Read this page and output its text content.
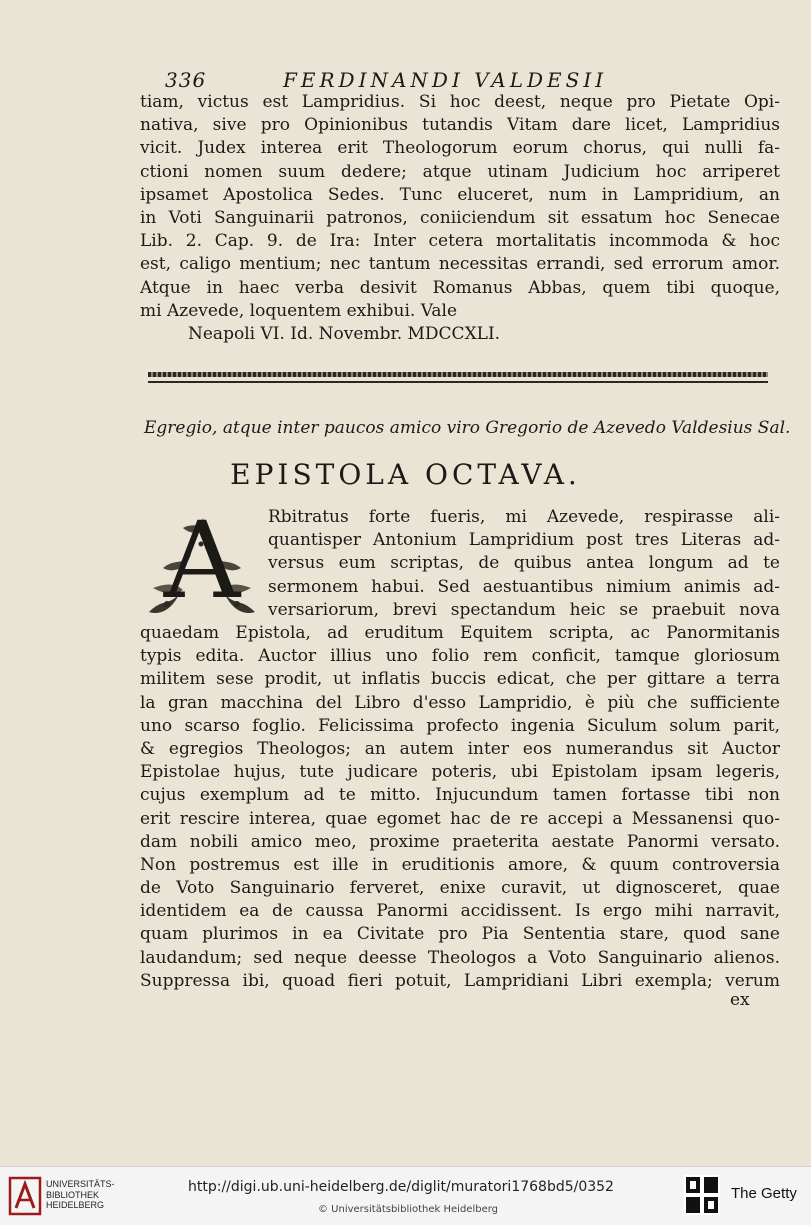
336	FERDINANDI VALDESII
tiam, victus est Lampridius. Si hoc deest, neque pro Pietate Opi-
nativa, sive pro Opinionibus tutandis Vitam dare licet, Lampridius
vicit. Judex interea erit Theologorum eorum chorus, qui nulli fa-
ctioni nomen suum dedere; atque utinam Judicium hoc arriperet
ipsamet Apostolica Sedes. Tunc eluceret, num in Lampridium, an
in Voti Sanguinarii patronos, coniiciendum sit essatum hoc Senecae
Lib. 2. Cap. 9. de Ira: Inter cetera mortalitatis incommoda & hoc
est, caligo mentium; nec tantum necessitas errandi, sed errorum amor.
Atque in haec verba desivit Romanus Abbas, quem tibi quoque,
mi Azevede, loquentem exhibui. Vale
Neapoli VI. Id. Novembr. MDCCXLI.
Egregio, atque inter paucos amico viro Gregorio de Azevedo Valdesius Sal.
EPISTOLA OCTAVA.
A	Rbitratus forte fueris, mi Azevede, respirasse ali-
quantisper Antonium Lampridium post tres Literas ad-
versus eum scriptas, de quibus antea longum ad te
sermonem habui. Sed aestuantibus nimium animis ad-
versariorum, brevi spectandum heic se praebuit nova
quaedam Epistola, ad eruditum Equitem scripta, ac Panormitanis
typis edita. Auctor illius uno folio rem conficit, tamque gloriosum
militem sese prodit, ut inflatis buccis edicat, che per gittare a terra
la gran macchina del Libro d'esso Lampridio, è più che sufficiente
uno scarso foglio. Felicissima profecto ingenia Siculum solum parit,
& egregios Theologos; an autem inter eos numerandus sit Auctor
Epistolae hujus, tute judicare poteris, ubi Epistolam ipsam legeris,
cujus exemplum ad te mitto. Injucundum tamen fortasse tibi non
erit rescire interea, quae egomet hac de re accepi a Messanensi quo-
dam nobili amico meo, proxime praeterita aestate Panormi versato.
Non postremus est ille in eruditionis amore, & quum controversia
de Voto Sanguinario ferveret, enixe curavit, ut dignosceret, quae
identidem ea de caussa Panormi accidissent. Is ergo mihi narravit,
quam plurimos in ea Civitate pro Pia Sententia stare, quod sane
laudandum; sed neque deesse Theologos a Voto Sanguinario alienos.
Suppressa ibi, quoad fieri potuit, Lampridiani Libri exempla; verum
ex
UNIVERSITÄTS-
BIBLIOTHEK
HEIDELBERG
http://digi.ub.uni-heidelberg.de/diglit/muratori1768bd5/0352
© Universitätsbibliothek Heidelberg
The Getty
